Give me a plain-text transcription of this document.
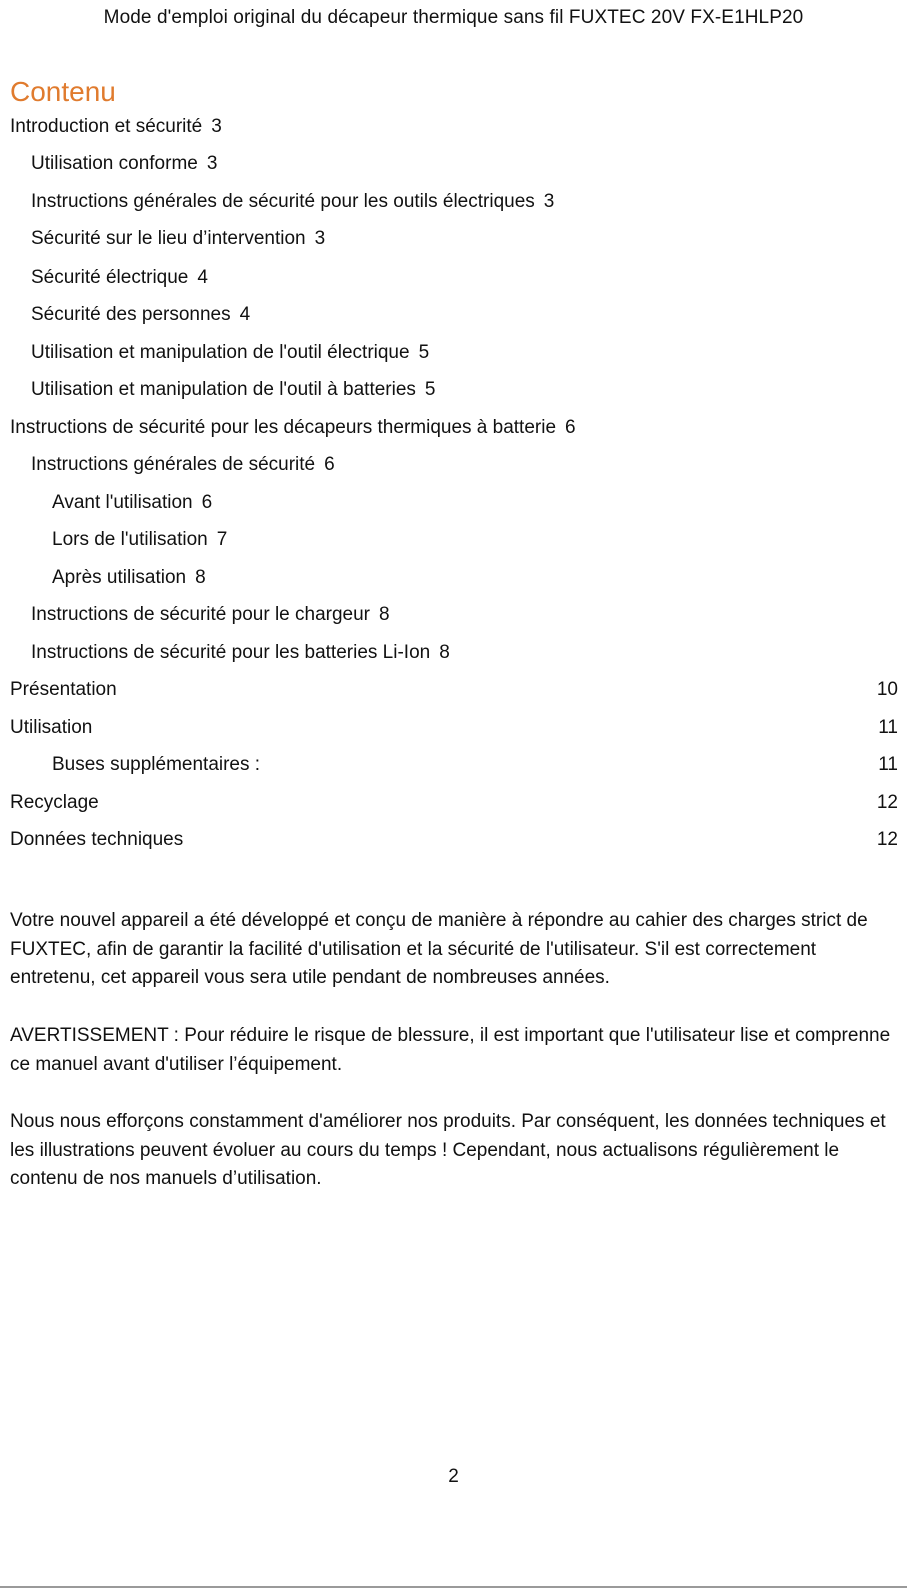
Mode d'emploi original du décapeur thermique sans fil FUXTEC 20V FX-E1HLP20
Contenu
Introduction et sécurité 3
Utilisation conforme 3
Instructions générales de sécurité pour les outils électriques 3
Sécurité sur le lieu d’intervention 3
Sécurité électrique 4
Sécurité des personnes 4
Utilisation et manipulation de l'outil électrique 5
Utilisation et manipulation de l'outil à batteries 5
Instructions de sécurité pour les décapeurs thermiques à batterie 6
Instructions générales de sécurité 6
Avant l'utilisation 6
Lors de l'utilisation 7
Après utilisation 8
Instructions de sécurité pour le chargeur 8
Instructions de sécurité pour les batteries Li-Ion 8
Présentation	10
Utilisation	11
Buses supplémentaires :	11
Recyclage	12
Données techniques	12

Votre nouvel appareil a été développé et conçu de manière à répondre au cahier des charges strict de FUXTEC, afin de garantir la facilité d'utilisation et la sécurité de l'utilisateur. S'il est correctement entretenu, cet appareil vous sera utile pendant de nombreuses années.

AVERTISSEMENT : Pour réduire le risque de blessure, il est important que l'utilisateur lise et comprenne ce manuel avant d'utiliser l’équipement.

Nous nous efforçons constamment d'améliorer nos produits. Par conséquent, les données techniques et les illustrations peuvent évoluer au cours du temps ! Cependant, nous actualisons régulièrement le contenu de nos manuels d’utilisation.

2
